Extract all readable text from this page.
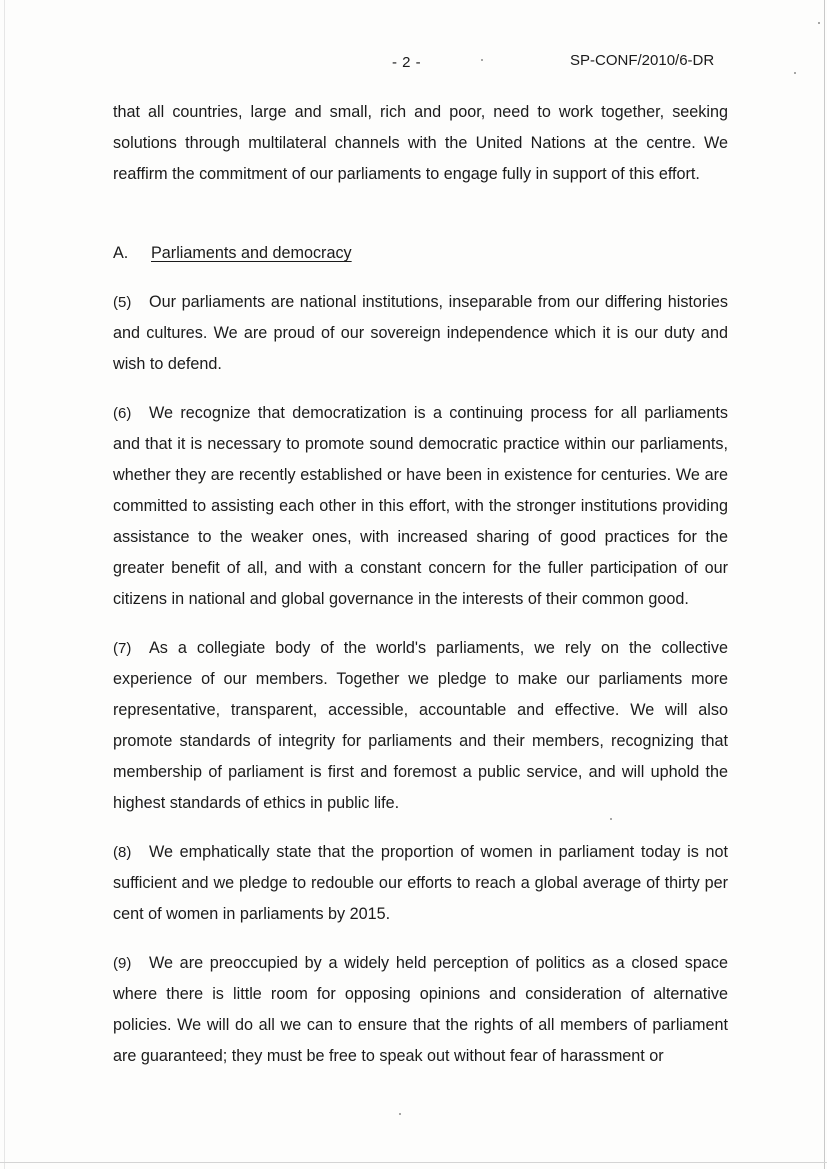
- 2 -	SP-CONF/2010/6-DR

that all countries, large and small, rich and poor, need to work together, seeking solutions through multilateral channels with the United Nations at the centre. We reaffirm the commitment of our parliaments to engage fully in support of this effort.

A.	Parliaments and democracy

(5) Our parliaments are national institutions, inseparable from our differing histories and cultures. We are proud of our sovereign independence which it is our duty and wish to defend.

(6) We recognize that democratization is a continuing process for all parliaments and that it is necessary to promote sound democratic practice within our parliaments, whether they are recently established or have been in existence for centuries. We are committed to assisting each other in this effort, with the stronger institutions providing assistance to the weaker ones, with increased sharing of good practices for the greater benefit of all, and with a constant concern for the fuller participation of our citizens in national and global governance in the interests of their common good.

(7) As a collegiate body of the world's parliaments, we rely on the collective experience of our members. Together we pledge to make our parliaments more representative, transparent, accessible, accountable and effective. We will also promote standards of integrity for parliaments and their members, recognizing that membership of parliament is first and foremost a public service, and will uphold the highest standards of ethics in public life.

(8) We emphatically state that the proportion of women in parliament today is not sufficient and we pledge to redouble our efforts to reach a global average of thirty per cent of women in parliaments by 2015.

(9) We are preoccupied by a widely held perception of politics as a closed space where there is little room for opposing opinions and consideration of alternative policies. We will do all we can to ensure that the rights of all members of parliament are guaranteed; they must be free to speak out without fear of harassment or
